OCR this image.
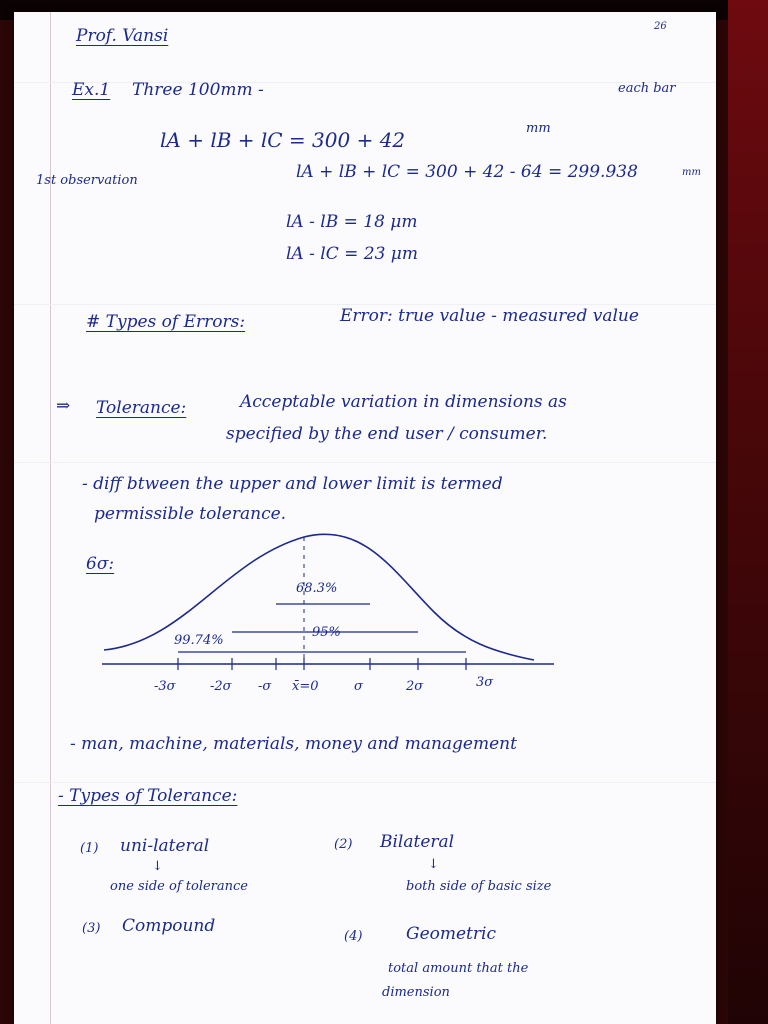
Prof. Vansi	26
Ex.1 Three 100mm -	each bar
lA + lB + lC = 300 + 42	mm
1st observation	lA + lB + lC = 300 + 42 - 64 = 299.938	mm
lA - lB = 18 μm
lA - lC = 23 μm
# Types of Errors:	Error: true value - measured value
⇒ Tolerance:	Acceptable variation in dimensions as
specified by the end user / consumer.
- diff btween the upper and lower limit is termed
permissible tolerance.
6σ:
68.3%
95%
99.74%
-3σ	-2σ -σ x̄=0	σ	2σ	3σ
- man, machine, materials, money and management
- Types of Tolerance:
(1) uni-lateral
↓
one side of tolerance
(2) Bilateral
↓
both side of basic size
(3) Compound
(4)	Geometric
total amount that the
dimension
